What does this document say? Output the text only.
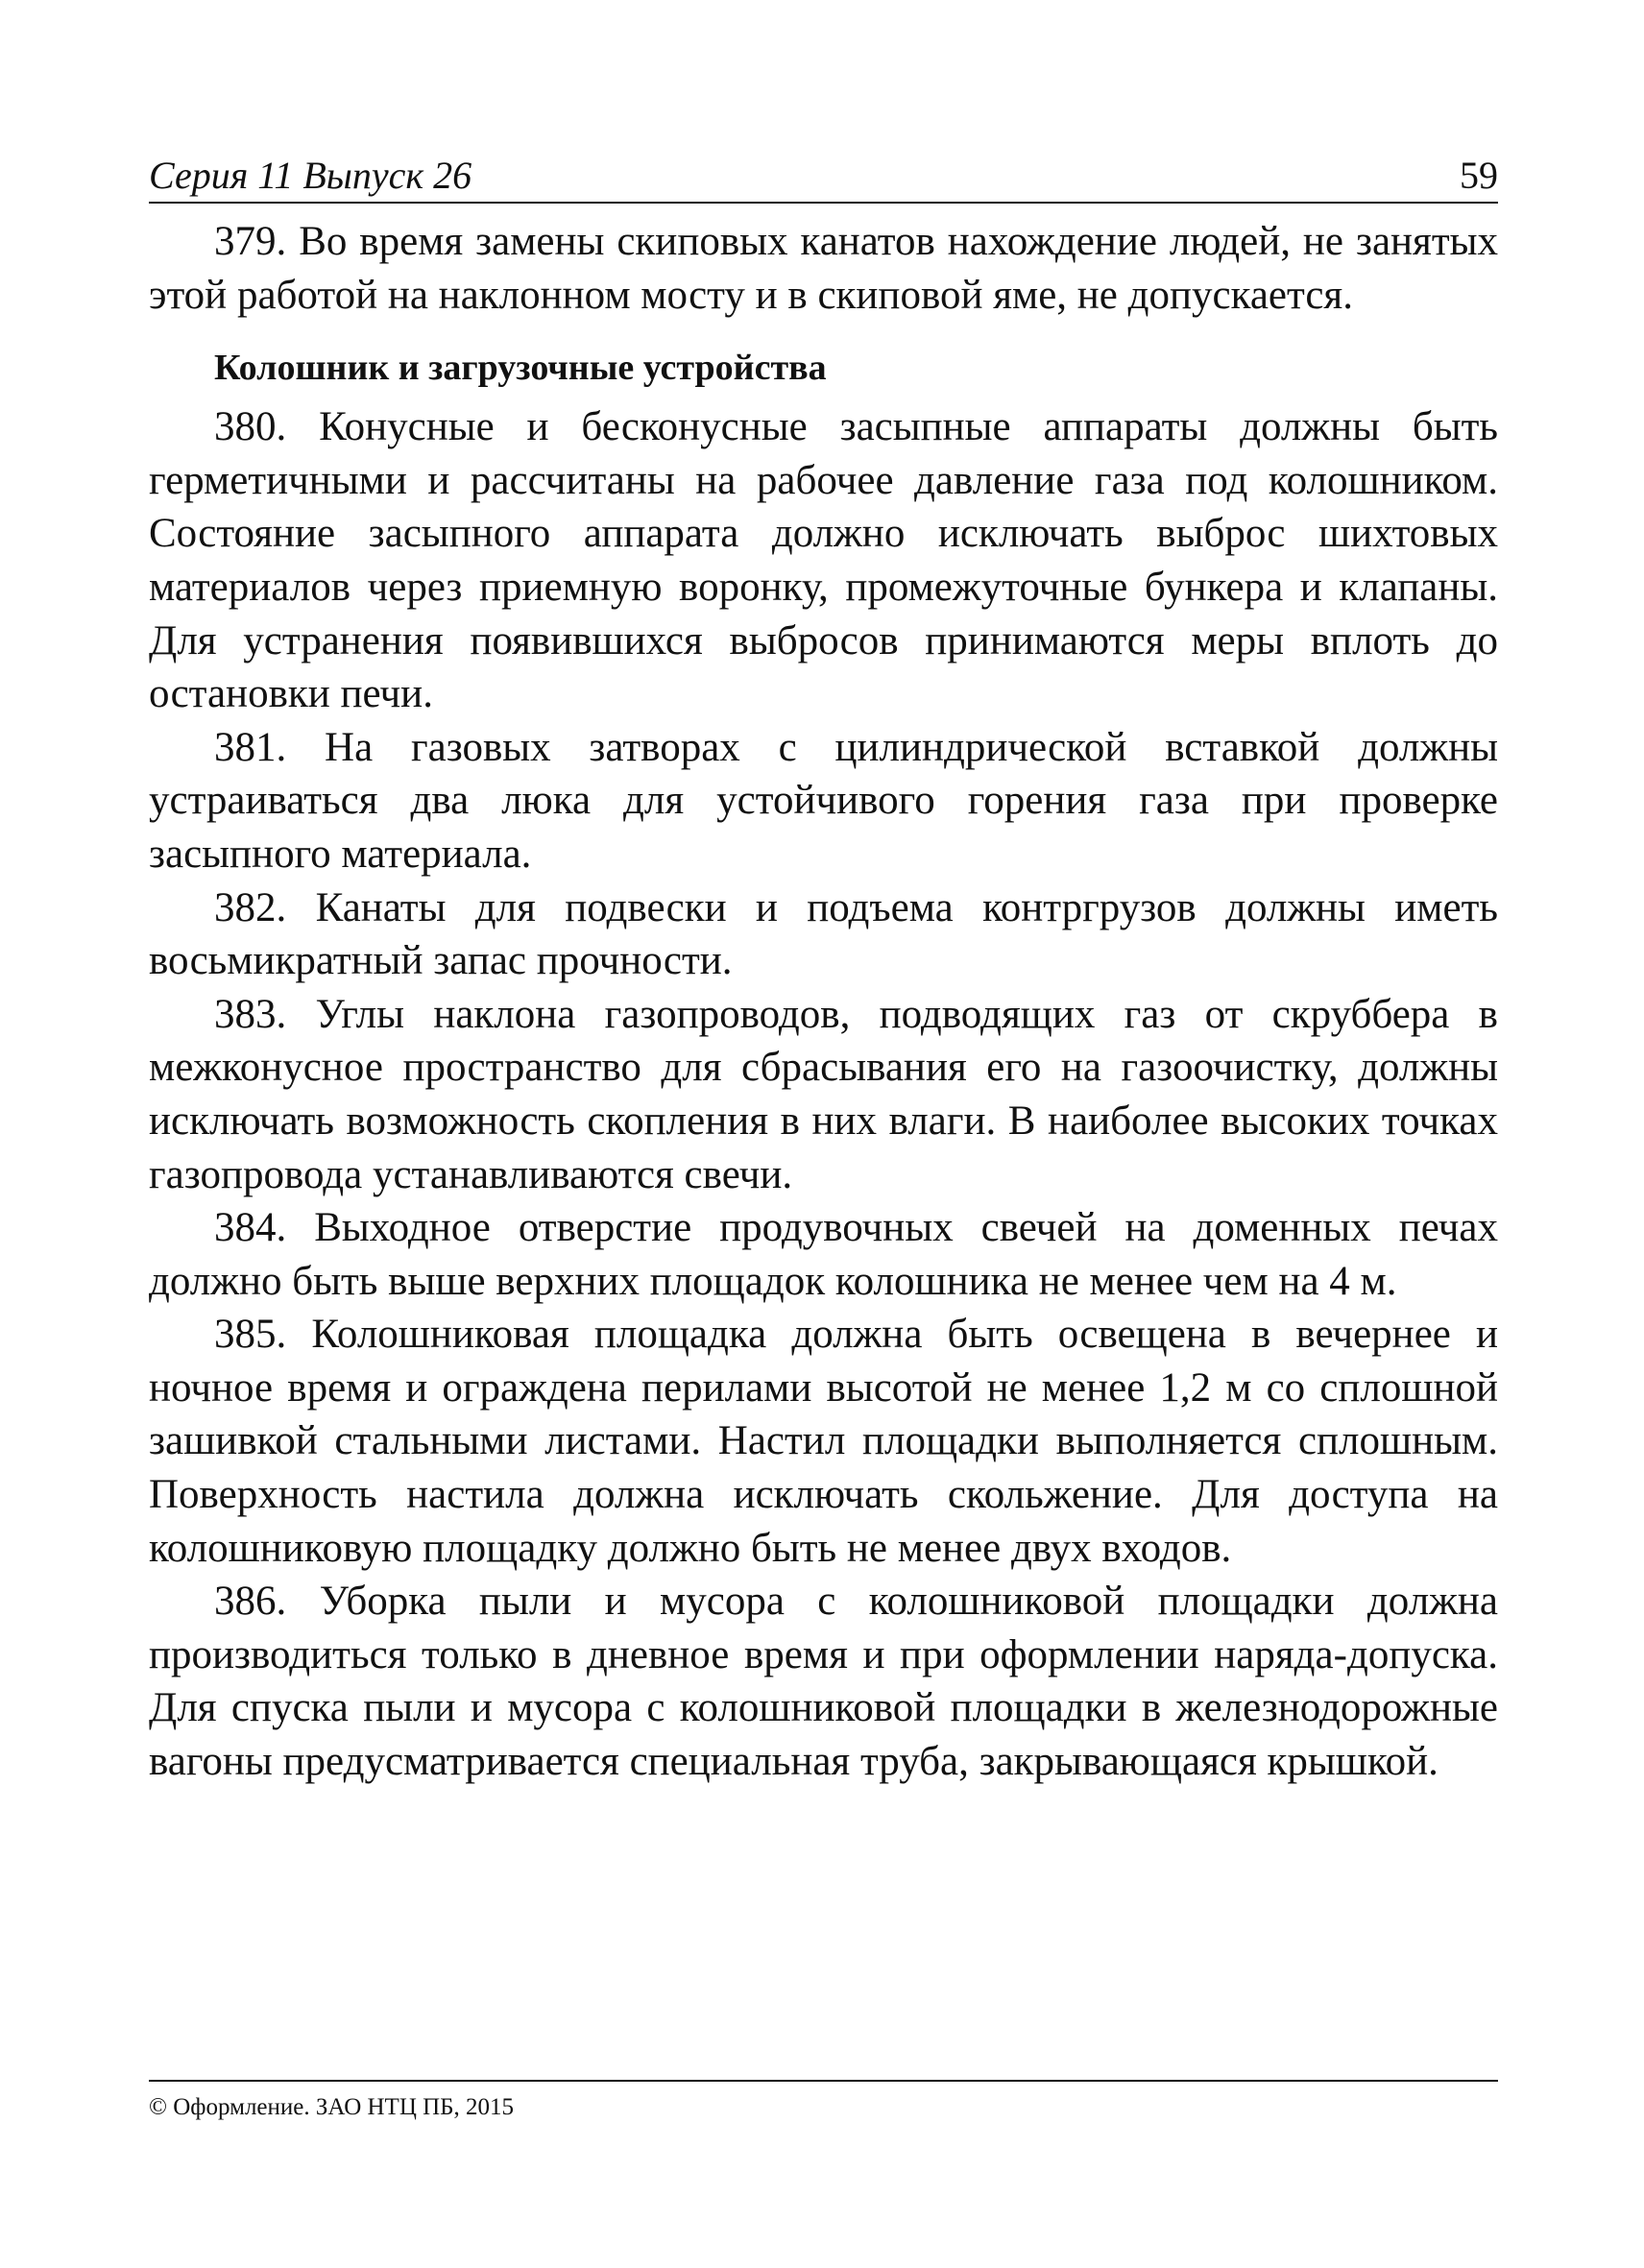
Серия 11 Выпуск 26	59

379. Во время замены скиповых канатов нахождение людей, не занятых этой работой на наклонном мосту и в скиповой яме, не допускается.

Колошник и загрузочные устройства

380. Конусные и бесконусные засыпные аппараты должны быть герметичными и рассчитаны на рабочее давление газа под колошником. Состояние засыпного аппарата должно исключать выброс шихтовых материалов через приемную воронку, промежуточные бункера и клапаны. Для устранения появившихся выбросов принимаются меры вплоть до остановки печи.

381. На газовых затворах с цилиндрической вставкой должны устраиваться два люка для устойчивого горения газа при проверке засыпного материала.

382. Канаты для подвески и подъема контргрузов должны иметь восьмикратный запас прочности.

383. Углы наклона газопроводов, подводящих газ от скруббера в межконусное пространство для сбрасывания его на газоочистку, должны исключать возможность скопления в них влаги. В наиболее высоких точках газопровода устанавливаются свечи.

384. Выходное отверстие продувочных свечей на доменных печах должно быть выше верхних площадок колошника не менее чем на 4 м.

385. Колошниковая площадка должна быть освещена в вечернее и ночное время и ограждена перилами высотой не менее 1,2 м со сплошной зашивкой стальными листами. Настил площадки выполняется сплошным. Поверхность настила должна исключать скольжение. Для доступа на колошниковую площадку должно быть не менее двух входов.

386. Уборка пыли и мусора с колошниковой площадки должна производиться только в дневное время и при оформлении наряда-допуска. Для спуска пыли и мусора с колошниковой площадки в железнодорожные вагоны предусматривается специальная труба, закрывающаяся крышкой.

© Оформление. ЗАО НТЦ ПБ, 2015
